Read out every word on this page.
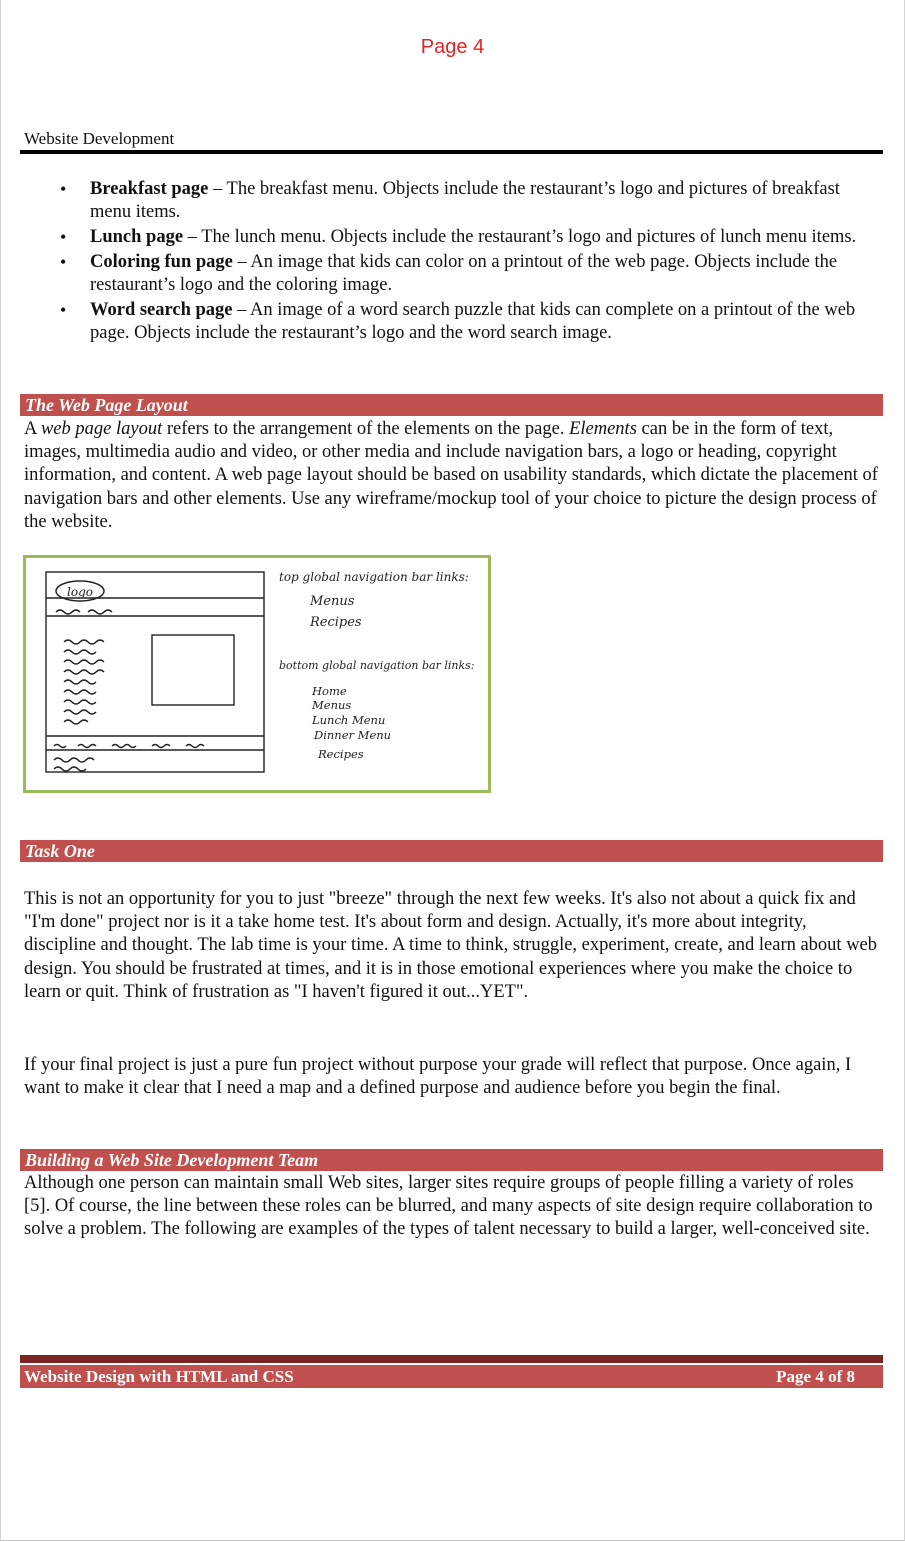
Page 4
Website Development
• Breakfast page – The breakfast menu. Objects include the restaurant’s logo and pictures of breakfast menu items.
• Lunch page – The lunch menu. Objects include the restaurant’s logo and pictures of lunch menu items.
• Coloring fun page – An image that kids can color on a printout of the web page. Objects include the restaurant’s logo and the coloring image.
• Word search page – An image of a word search puzzle that kids can complete on a printout of the web page. Objects include the restaurant’s logo and the word search image.
The Web Page Layout

A web page layout refers to the arrangement of the elements on the page. Elements can be in the form of text, images, multimedia audio and video, or other media and include navigation bars, a logo or heading, copyright information, and content. A web page layout should be based on usability standards, which dictate the placement of navigation bars and other elements. Use any wireframe/mockup tool of your choice to picture the design process of the website.

logo
top global navigation bar links:
Menus
Recipes
bottom global navigation bar links:
Home
Menus
Lunch Menu
Dinner Menu
Recipes
Task One

This is not an opportunity for you to just "breeze" through the next few weeks. It's also not about a quick fix and "I'm done" project nor is it a take home test. It's about form and design. Actually, it's more about integrity, discipline and thought. The lab time is your time. A time to think, struggle, experiment, create, and learn about web design. You should be frustrated at times, and it is in those emotional experiences where you make the choice to learn or quit. Think of frustration as "I haven't figured it out...YET".

If your final project is just a pure fun project without purpose your grade will reflect that purpose. Once again, I want to make it clear that I need a map and a defined purpose and audience before you begin the final.

Building a Web Site Development Team

Although one person can maintain small Web sites, larger sites require groups of people filling a variety of roles [5]. Of course, the line between these roles can be blurred, and many aspects of site design require collaboration to solve a problem. The following are examples of the types of talent necessary to build a larger, well-conceived site.

Website Design with HTML and CSS	Page 4 of 8
